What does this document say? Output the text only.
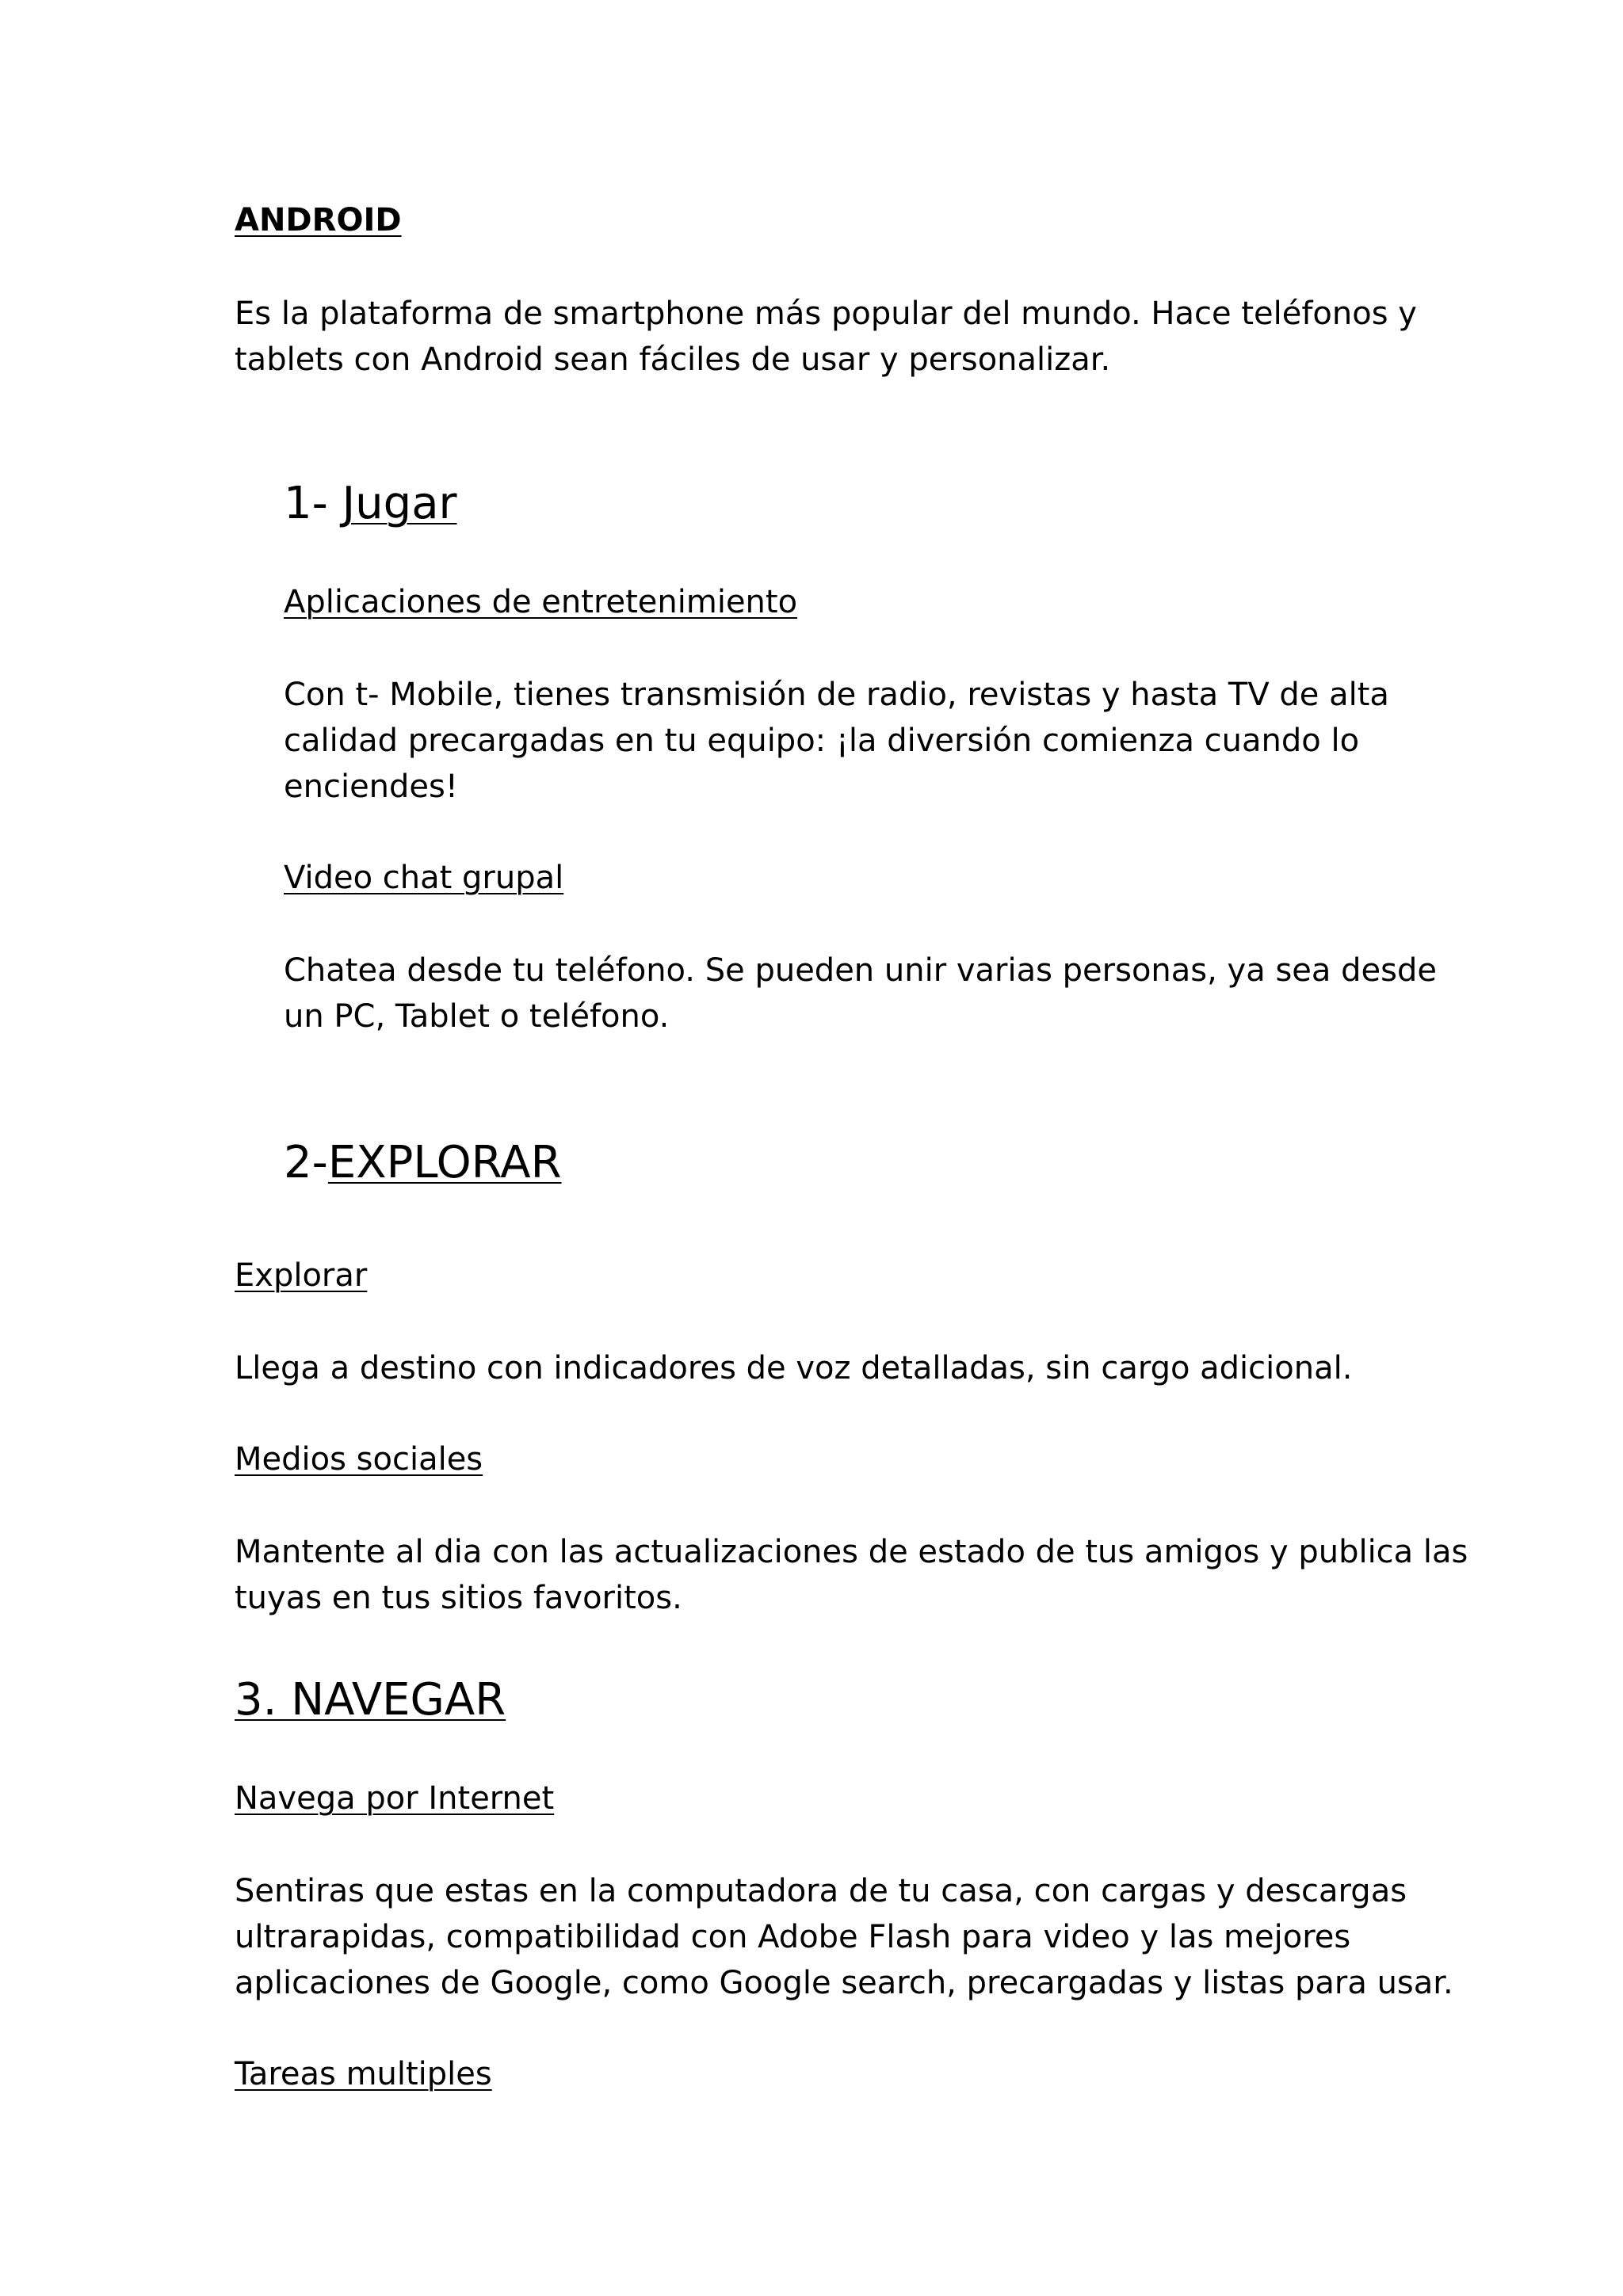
ANDROID
Es la plataforma de smartphone más popular del mundo. Hace teléfonos y
tablets con Android sean fáciles de usar y personalizar.
1- Jugar
Aplicaciones de entretenimiento
Con t- Mobile, tienes transmisión de radio, revistas y hasta TV de alta
calidad precargadas en tu equipo: ¡la diversión comienza cuando lo
enciendes!
Video chat grupal
Chatea desde tu teléfono. Se pueden unir varias personas, ya sea desde
un PC, Tablet o teléfono.
2-EXPLORAR
Explorar
Llega a destino con indicadores de voz detalladas, sin cargo adicional.
Medios sociales
Mantente al dia con las actualizaciones de estado de tus amigos y publica las
tuyas en tus sitios favoritos.
3. NAVEGAR
Navega por Internet
Sentiras que estas en la computadora de tu casa, con cargas y descargas
ultrarapidas, compatibilidad con Adobe Flash para video y las mejores
aplicaciones de Google, como Google search, precargadas y listas para usar.
Tareas multiples
